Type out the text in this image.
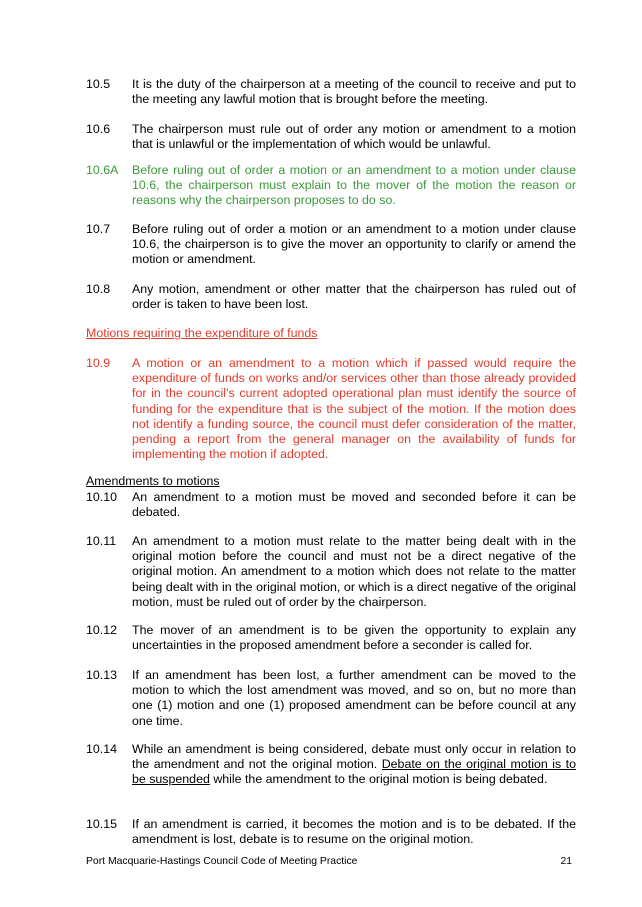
10.5	It is the duty of the chairperson at a meeting of the council to receive and put to the meeting any lawful motion that is brought before the meeting.
10.6	The chairperson must rule out of order any motion or amendment to a motion that is unlawful or the implementation of which would be unlawful.
10.6A	Before ruling out of order a motion or an amendment to a motion under clause 10.6, the chairperson must explain to the mover of the motion the reason or reasons why the chairperson proposes to do so.
10.7	Before ruling out of order a motion or an amendment to a motion under clause 10.6, the chairperson is to give the mover an opportunity to clarify or amend the motion or amendment.
10.8	Any motion, amendment or other matter that the chairperson has ruled out of order is taken to have been lost.
Motions requiring the expenditure of funds
10.9	A motion or an amendment to a motion which if passed would require the expenditure of funds on works and/or services other than those already provided for in the council’s current adopted operational plan must identify the source of funding for the expenditure that is the subject of the motion. If the motion does not identify a funding source, the council must defer consideration of the matter, pending a report from the general manager on the availability of funds for implementing the motion if adopted.
Amendments to motions
10.10	An amendment to a motion must be moved and seconded before it can be debated.
10.11	An amendment to a motion must relate to the matter being dealt with in the original motion before the council and must not be a direct negative of the original motion. An amendment to a motion which does not relate to the matter being dealt with in the original motion, or which is a direct negative of the original motion, must be ruled out of order by the chairperson.
10.12	The mover of an amendment is to be given the opportunity to explain any uncertainties in the proposed amendment before a seconder is called for.
10.13	If an amendment has been lost, a further amendment can be moved to the motion to which the lost amendment was moved, and so on, but no more than one (1) motion and one (1) proposed amendment can be before council at any one time.
10.14	While an amendment is being considered, debate must only occur in relation to the amendment and not the original motion. Debate on the original motion is to be suspended while the amendment to the original motion is being debated.
10.15	If an amendment is carried, it becomes the motion and is to be debated. If the amendment is lost, debate is to resume on the original motion.
Port Macquarie-Hastings Council Code of Meeting Practice	21
